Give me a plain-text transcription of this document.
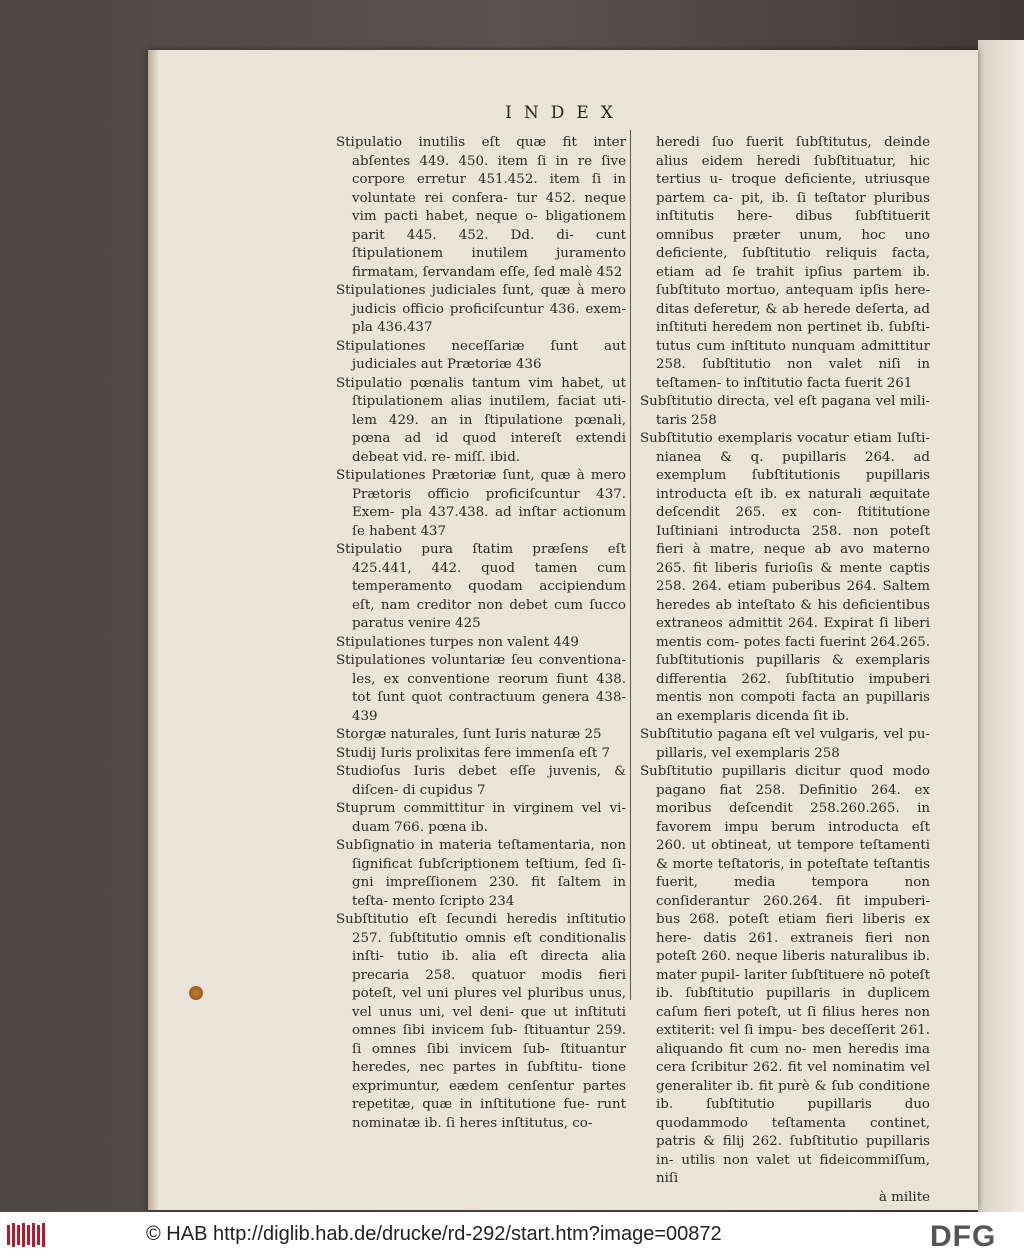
INDEX

Stipulatio inutilis eſt quæ fit inter abſentes 449. 450. item ſi in re ſive corpore erretur 451.452. item ſi in voluntate rei confera- tur 452. neque vim pacti habet, neque o- bligationem parit 445. 452. Dd. di- cunt ſtipulationem inutilem juramento firmatam, ſervandam eſſe, ſed malè 452

Stipulationes judiciales ſunt, quæ à mero judicis officio proficiſcuntur 436. exem- pla 436.437

Stipulationes neceſſariæ ſunt aut judiciales aut Prætoriæ 436

Stipulatio pœnalis tantum vim habet, ut ſtipulationem alias inutilem, faciat uti- lem 429. an in ſtipulatione pœnali, pœna ad id quod intereſt extendi debeat vid. re- miſſ. ibid.

Stipulationes Prætoriæ ſunt, quæ à mero Prætoris officio proficiſcuntur 437. Exem- pla 437.438. ad inſtar actionum ſe habent 437

Stipulatio pura ſtatim præſens eſt 425.441, 442. quod tamen cum temperamento quodam accipiendum eſt, nam creditor non debet cum ſucco paratus venire 425

Stipulationes turpes non valent 449

Stipulationes voluntariæ ſeu conventiona- les, ex conventione reorum fiunt 438. tot ſunt quot contractuum genera 438-439

Storgæ naturales, ſunt Iuris naturæ 25

Studij Iuris prolixitas fere immenſa eſt 7

Studioſus Iuris debet eſſe juvenis, & diſcen- di cupidus 7

Stuprum committitur in virginem vel vi- duam 766. pœna ib.

Subſignatio in materia teſtamentaria, non ſignificat ſubſcriptionem teſtium, ſed ſi- gni impreſſionem 230. fit ſaltem in teſta- mento ſcripto 234

Subſtitutio eſt ſecundi heredis inſtitutio 257. ſubſtitutio omnis eſt conditionalis inſti- tutio ib. alia eſt directa alia precaria 258. quatuor modis fieri poteſt, vel uni plures vel pluribus unus, vel unus uni, vel deni- que ut inſtituti omnes ſibi invicem ſub- ſtituantur 259. ſi omnes ſibi invicem ſub- ſtituantur heredes, nec partes in ſubſtitu- tione exprimuntur, eædem cenſentur partes repetitæ, quæ in inſtitutione fue- runt nominatæ ib. ſi heres inſtitutus, co-

heredi ſuo fuerit ſubſtitutus, deinde alius eidem heredi ſubſtituatur, hic tertius u- troque deficiente, utriusque partem ca- pit, ib. ſi teſtator pluribus inſtitutis here- dibus ſubſtituerit omnibus præter unum, hoc uno deficiente, ſubſtitutio reliquis facta, etiam ad ſe trahit ipſius partem ib. ſubſtituto mortuo, antequam ipſis here- ditas deferetur, & ab herede deſerta, ad inſtituti heredem non pertinet ib. ſubſti- tutus cum inſtituto nunquam admittitur 258. ſubſtitutio non valet niſi in teſtamen- to inſtitutio facta fuerit 261

Subſtitutio directa, vel eſt pagana vel mili- taris 258

Subſtitutio exemplaris vocatur etiam Iuſti- nianea & q. pupillaris 264. ad exemplum ſubſtitutionis pupillaris introducta eſt ib. ex naturali æquitate deſcendit 265. ex con- ſtititutione Iuſtiniani introducta 258. non poteſt fieri à matre, neque ab avo materno 265. fit liberis furioſis & mente captis 258. 264. etiam puberibus 264. Saltem heredes ab inteſtato & his deficientibus extraneos admittit 264. Expirat ſi liberi mentis com- potes facti fuerint 264.265. ſubſtitutionis pupillaris & exemplaris differentia 262. ſubſtitutio impuberi mentis non compoti facta an pupillaris an exemplaris dicenda ſit ib.

Subſtitutio pagana eſt vel vulgaris, vel pu- pillaris, vel exemplaris 258

Subſtitutio pupillaris dicitur quod modo pagano fiat 258. Definitio 264. ex moribus deſcendit 258.260.265. in favorem impu berum introducta eſt 260. ut obtineat, ut tempore teſtamenti & morte teſtatoris, in poteſtate teſtantis fuerit, media tempora non conſiderantur 260.264. fit impuberi- bus 268. poteſt etiam fieri liberis ex here- datis 261. extraneis fieri non poteſt 260. neque liberis naturalibus ib. mater pupil- lariter ſubſtituere nō poteſt ib. ſubſtitutio pupillaris in duplicem caſum fieri poteſt, ut ſi filius heres non extiterit: vel ſi impu- bes deceſſerit 261. aliquando fit cum no- men heredis ima cera ſcribitur 262. fit vel nominatim vel generaliter ib. fit purè & ſub conditione ib. ſubſtitutio pupillaris duo quodammodo teſtamenta continet, patris & filij 262. ſubſtitutio pupillaris in- utilis non valet ut fideicommiſſum, niſi

à milite

© HAB http://diglib.hab.de/drucke/rd-292/start.htm?image=00872	DFG
